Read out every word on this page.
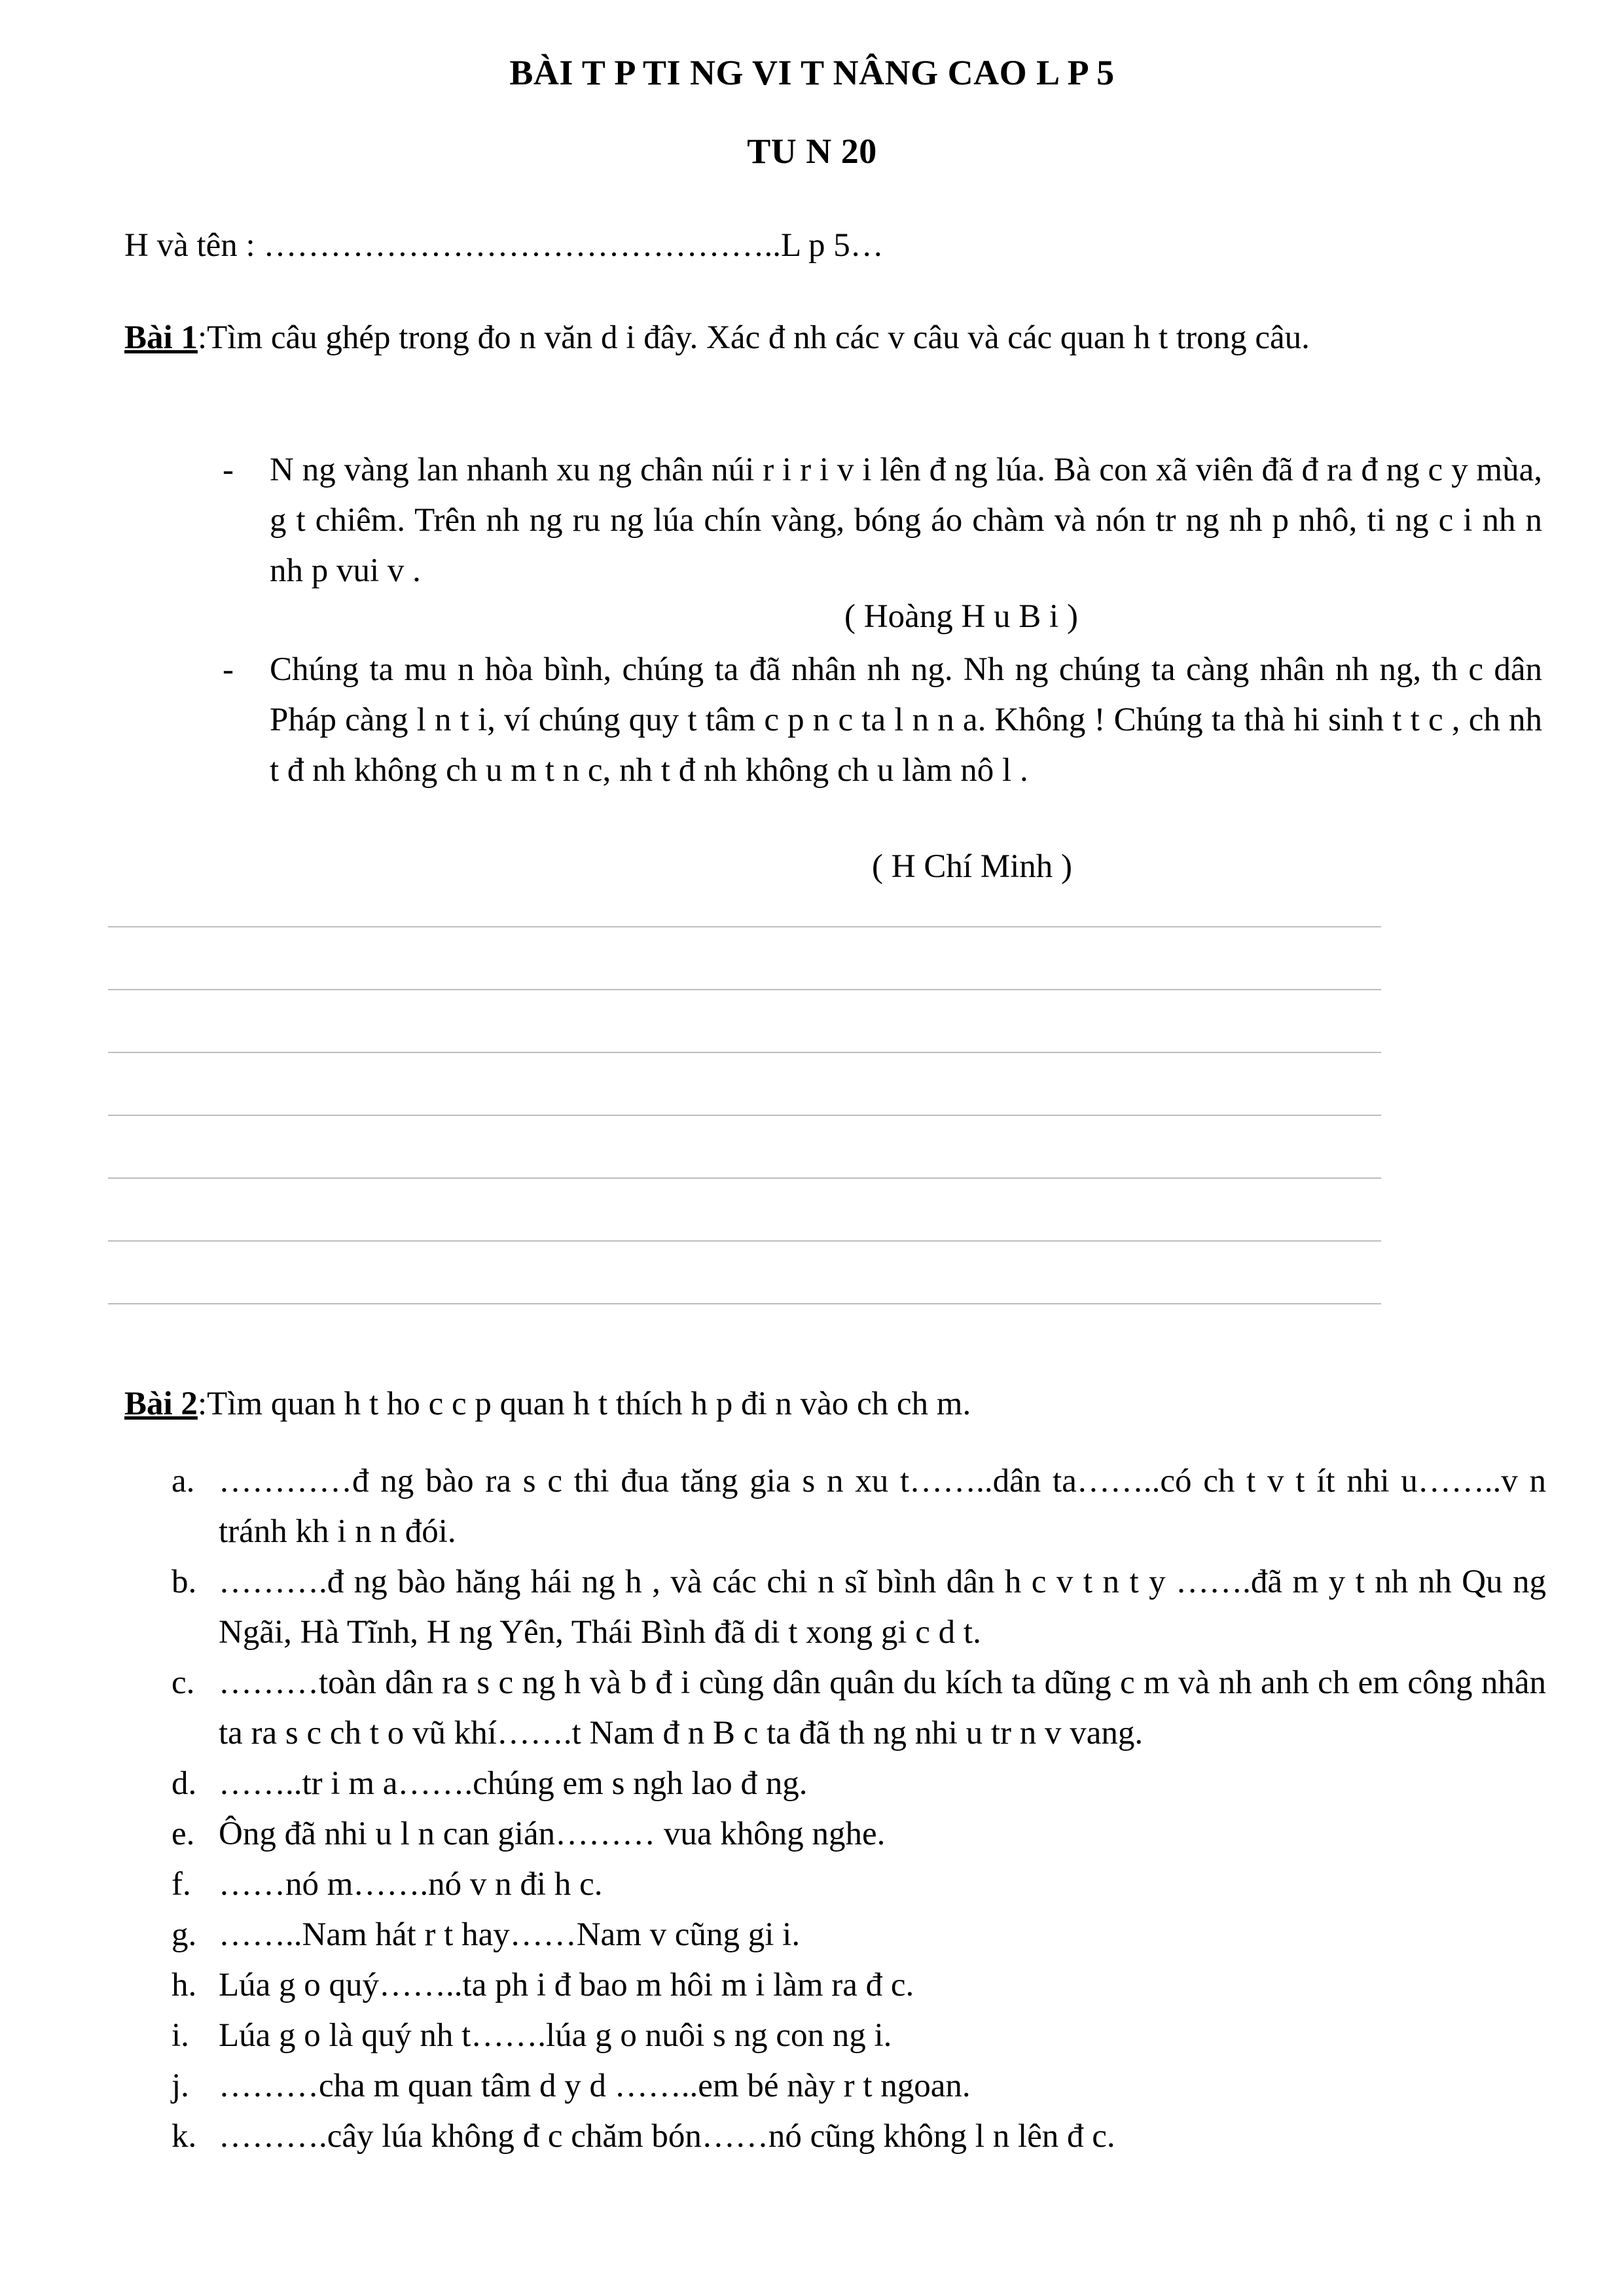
BÀI T P TI NG VI T NÂNG CAO L P 5
TU N 20
H và tên : ………………………………………..L p 5…
Bài 1:Tìm câu ghép trong đo n văn d i đây. Xác đ nh các v câu và các quan h t trong câu.
- N ng vàng lan nhanh xu ng chân núi r i r i v i lên đ ng lúa. Bà con xã viên đã đ ra đ ng c y mùa, g t chiêm. Trên nh ng ru ng lúa chín vàng, bóng áo chàm và nón tr ng nh p nhô, ti ng c i nh n nh p vui v .
( Hoàng H u B i )
- Chúng ta mu n hòa bình, chúng ta đã nhân nh ng. Nh ng chúng ta càng nhân nh ng, th c dân Pháp càng l n t i, ví chúng quy t tâm c p n c ta l n n a. Không ! Chúng ta thà hi sinh t t c , ch nh t đ nh không ch u m t n c, nh t đ nh không ch u làm nô l .
( H Chí Minh )
Bài 2:Tìm quan h t ho c c p quan h t thích h p đi n vào ch ch m.
a. …………đ ng bào ra s c thi đua tăng gia s n xu t……..dân ta……..có ch t v t ít nhi u……..v n tránh kh i n n đói.
b. ……….đ ng bào hăng hái ng h , và các chi n sĩ bình dân h c v t n t y …….đã m y t nh nh Qu ng Ngãi, Hà Tĩnh, H ng Yên, Thái Bình đã di t xong gi c d t.
c. ………toàn dân ra s c ng h và b đ i cùng dân quân du kích ta dũng c m và nh anh ch em công nhân ta ra s c ch t o vũ khí…….t Nam đ n B c ta đã th ng nhi u tr n v vang.
d. ……..tr i m a…….chúng em s ngh lao đ ng.
e. Ông đã nhi u l n can gián……… vua không nghe.
f. ……nó m…….nó v n đi h c.
g. ……..Nam hát r t hay……Nam v cũng gi i.
h. Lúa g o quý……..ta ph i đ bao m hôi m i làm ra đ c.
i. Lúa g o là quý nh t…….lúa g o nuôi s ng con ng i.
j. ………cha m quan tâm d y d ……..em bé này r t ngoan.
k. ……….cây lúa không đ c chăm bón……nó cũng không l n lên đ c.
